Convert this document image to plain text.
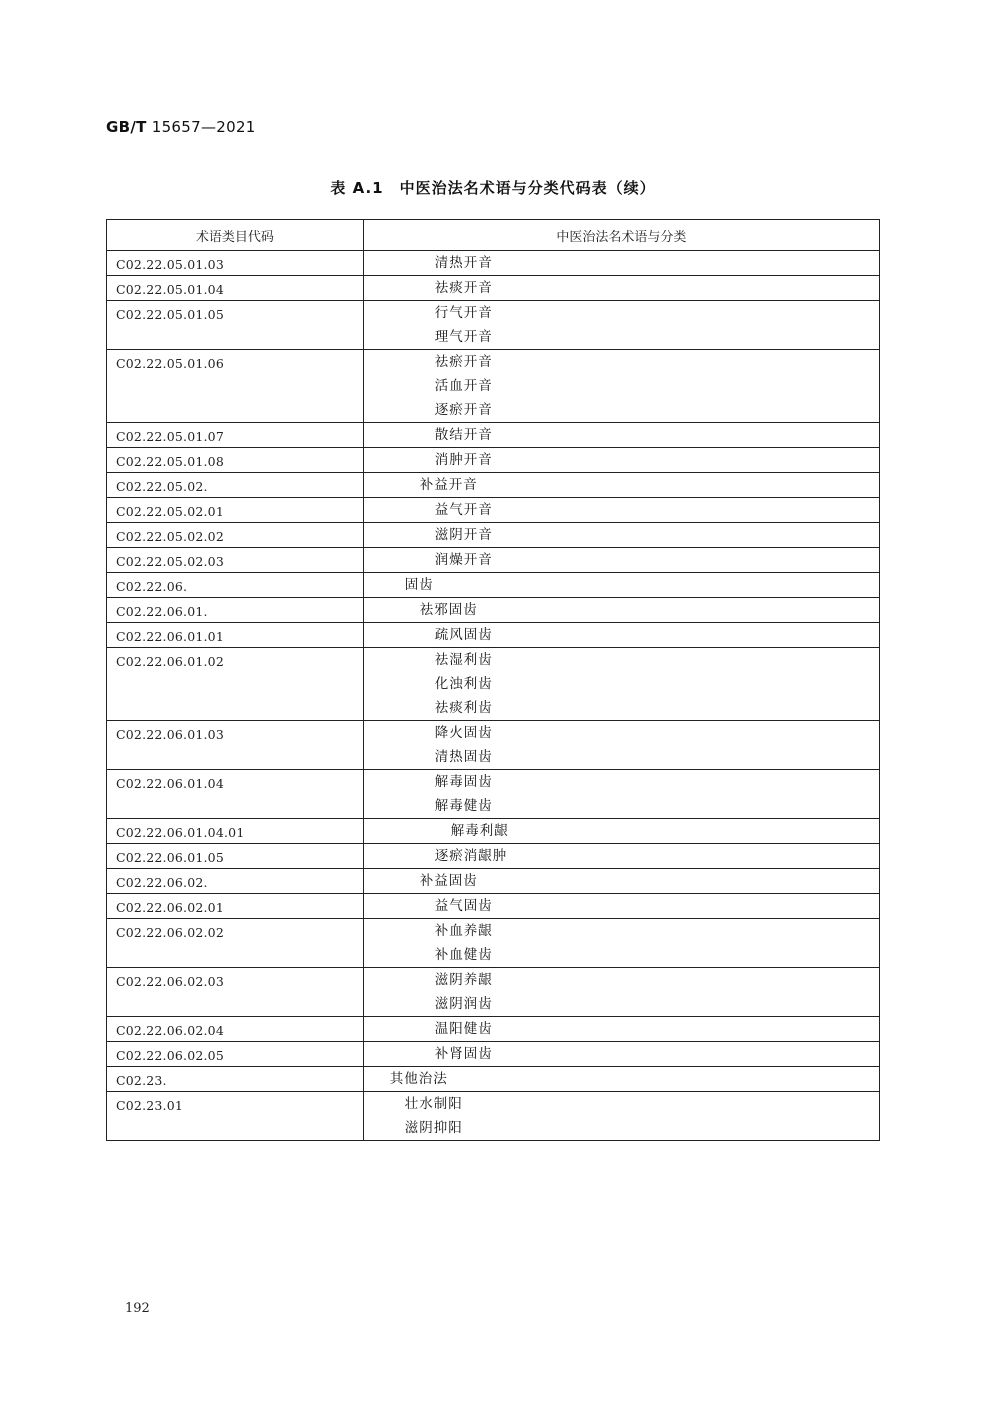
GB/T 15657—2021
表 A.1　中医治法名术语与分类代码表（续）
术语类目代码	中医治法名术语与分类

C02.22.05.01.03	清热开音

C02.22.05.01.04	祛痰开音

C02.22.05.01.05	行气开音
理气开音

C02.22.05.01.06	祛瘀开音
活血开音
逐瘀开音

C02.22.05.01.07	散结开音

C02.22.05.01.08	消肿开音

C02.22.05.02.	补益开音

C02.22.05.02.01	益气开音

C02.22.05.02.02	滋阴开音

C02.22.05.02.03	润燥开音

C02.22.06.	固齿

C02.22.06.01.	祛邪固齿

C02.22.06.01.01	疏风固齿

C02.22.06.01.02	祛湿利齿
化浊利齿
祛痰利齿

C02.22.06.01.03	降火固齿
清热固齿

C02.22.06.01.04	解毒固齿
解毒健齿

C02.22.06.01.04.01	解毒利龈

C02.22.06.01.05	逐瘀消龈肿

C02.22.06.02.	补益固齿

C02.22.06.02.01	益气固齿

C02.22.06.02.02	补血养龈
补血健齿

C02.22.06.02.03	滋阴养龈
滋阴润齿

C02.22.06.02.04	温阳健齿

C02.22.06.02.05	补肾固齿

C02.23.	其他治法

C02.23.01	壮水制阳
滋阴抑阳
192
